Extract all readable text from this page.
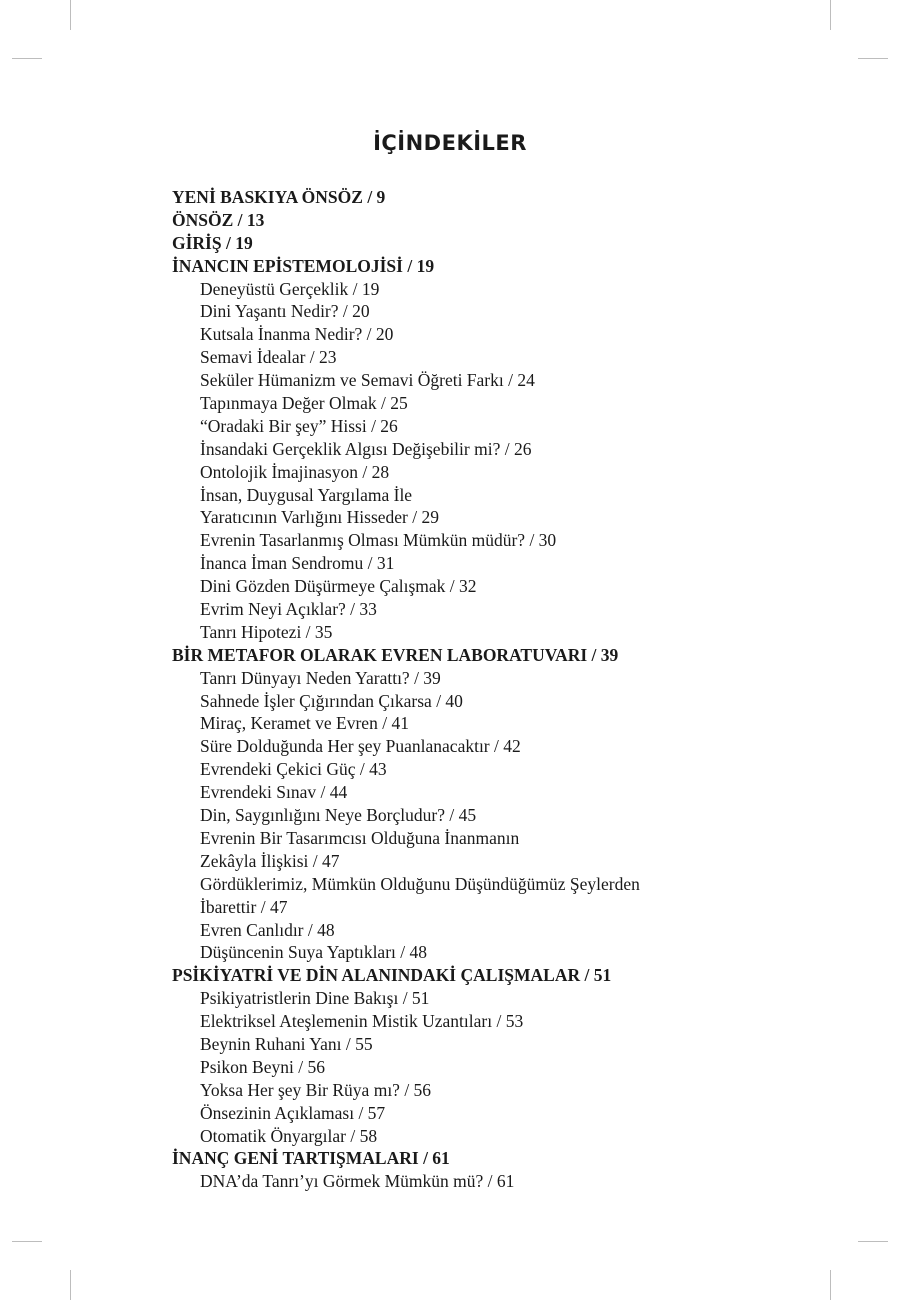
İÇİNDEKİLER
YENİ BASKIYA ÖNSÖZ / 9
ÖNSÖZ / 13
GİRİŞ / 19
İNANCIN EPİSTEMOLOJİSİ / 19
Deneyüstü Gerçeklik / 19
Dini Yaşantı Nedir? / 20
Kutsala İnanma Nedir? / 20
Semavi İdealar / 23
Seküler Hümanizm ve Semavi Öğreti Farkı / 24
Tapınmaya Değer Olmak / 25
“Oradaki Bir şey” Hissi / 26
İnsandaki Gerçeklik Algısı Değişebilir mi? / 26
Ontolojik İmajinasyon / 28
İnsan, Duygusal Yargılama İle
Yaratıcının Varlığını Hisseder / 29
Evrenin Tasarlanmış Olması Mümkün müdür? / 30
İnanca İman Sendromu / 31
Dini Gözden Düşürmeye Çalışmak / 32
Evrim Neyi Açıklar? / 33
Tanrı Hipotezi / 35
BİR METAFOR OLARAK EVREN LABORATUVARI / 39
Tanrı Dünyayı Neden Yarattı? / 39
Sahnede İşler Çığırından Çıkarsa / 40
Miraç, Keramet ve Evren / 41
Süre Dolduğunda Her şey Puanlanacaktır / 42
Evrendeki Çekici Güç / 43
Evrendeki Sınav / 44
Din, Saygınlığını Neye Borçludur? / 45
Evrenin Bir Tasarımcısı Olduğuna İnanmanın
Zekâyla İlişkisi / 47
Gördüklerimiz, Mümkün Olduğunu Düşündüğümüz Şeylerden
İbarettir / 47
Evren Canlıdır / 48
Düşüncenin Suya Yaptıkları / 48
PSİKİYATRİ VE DİN ALANINDAKİ ÇALIŞMALAR / 51
Psikiyatristlerin Dine Bakışı / 51
Elektriksel Ateşlemenin Mistik Uzantıları / 53
Beynin Ruhani Yanı / 55
Psikon Beyni / 56
Yoksa Her şey Bir Rüya mı? / 56
Önsezinin Açıklaması / 57
Otomatik Önyargılar / 58
İNANÇ GENİ TARTIŞMALARI / 61
DNA’da Tanrı’yı Görmek Mümkün mü? / 61
